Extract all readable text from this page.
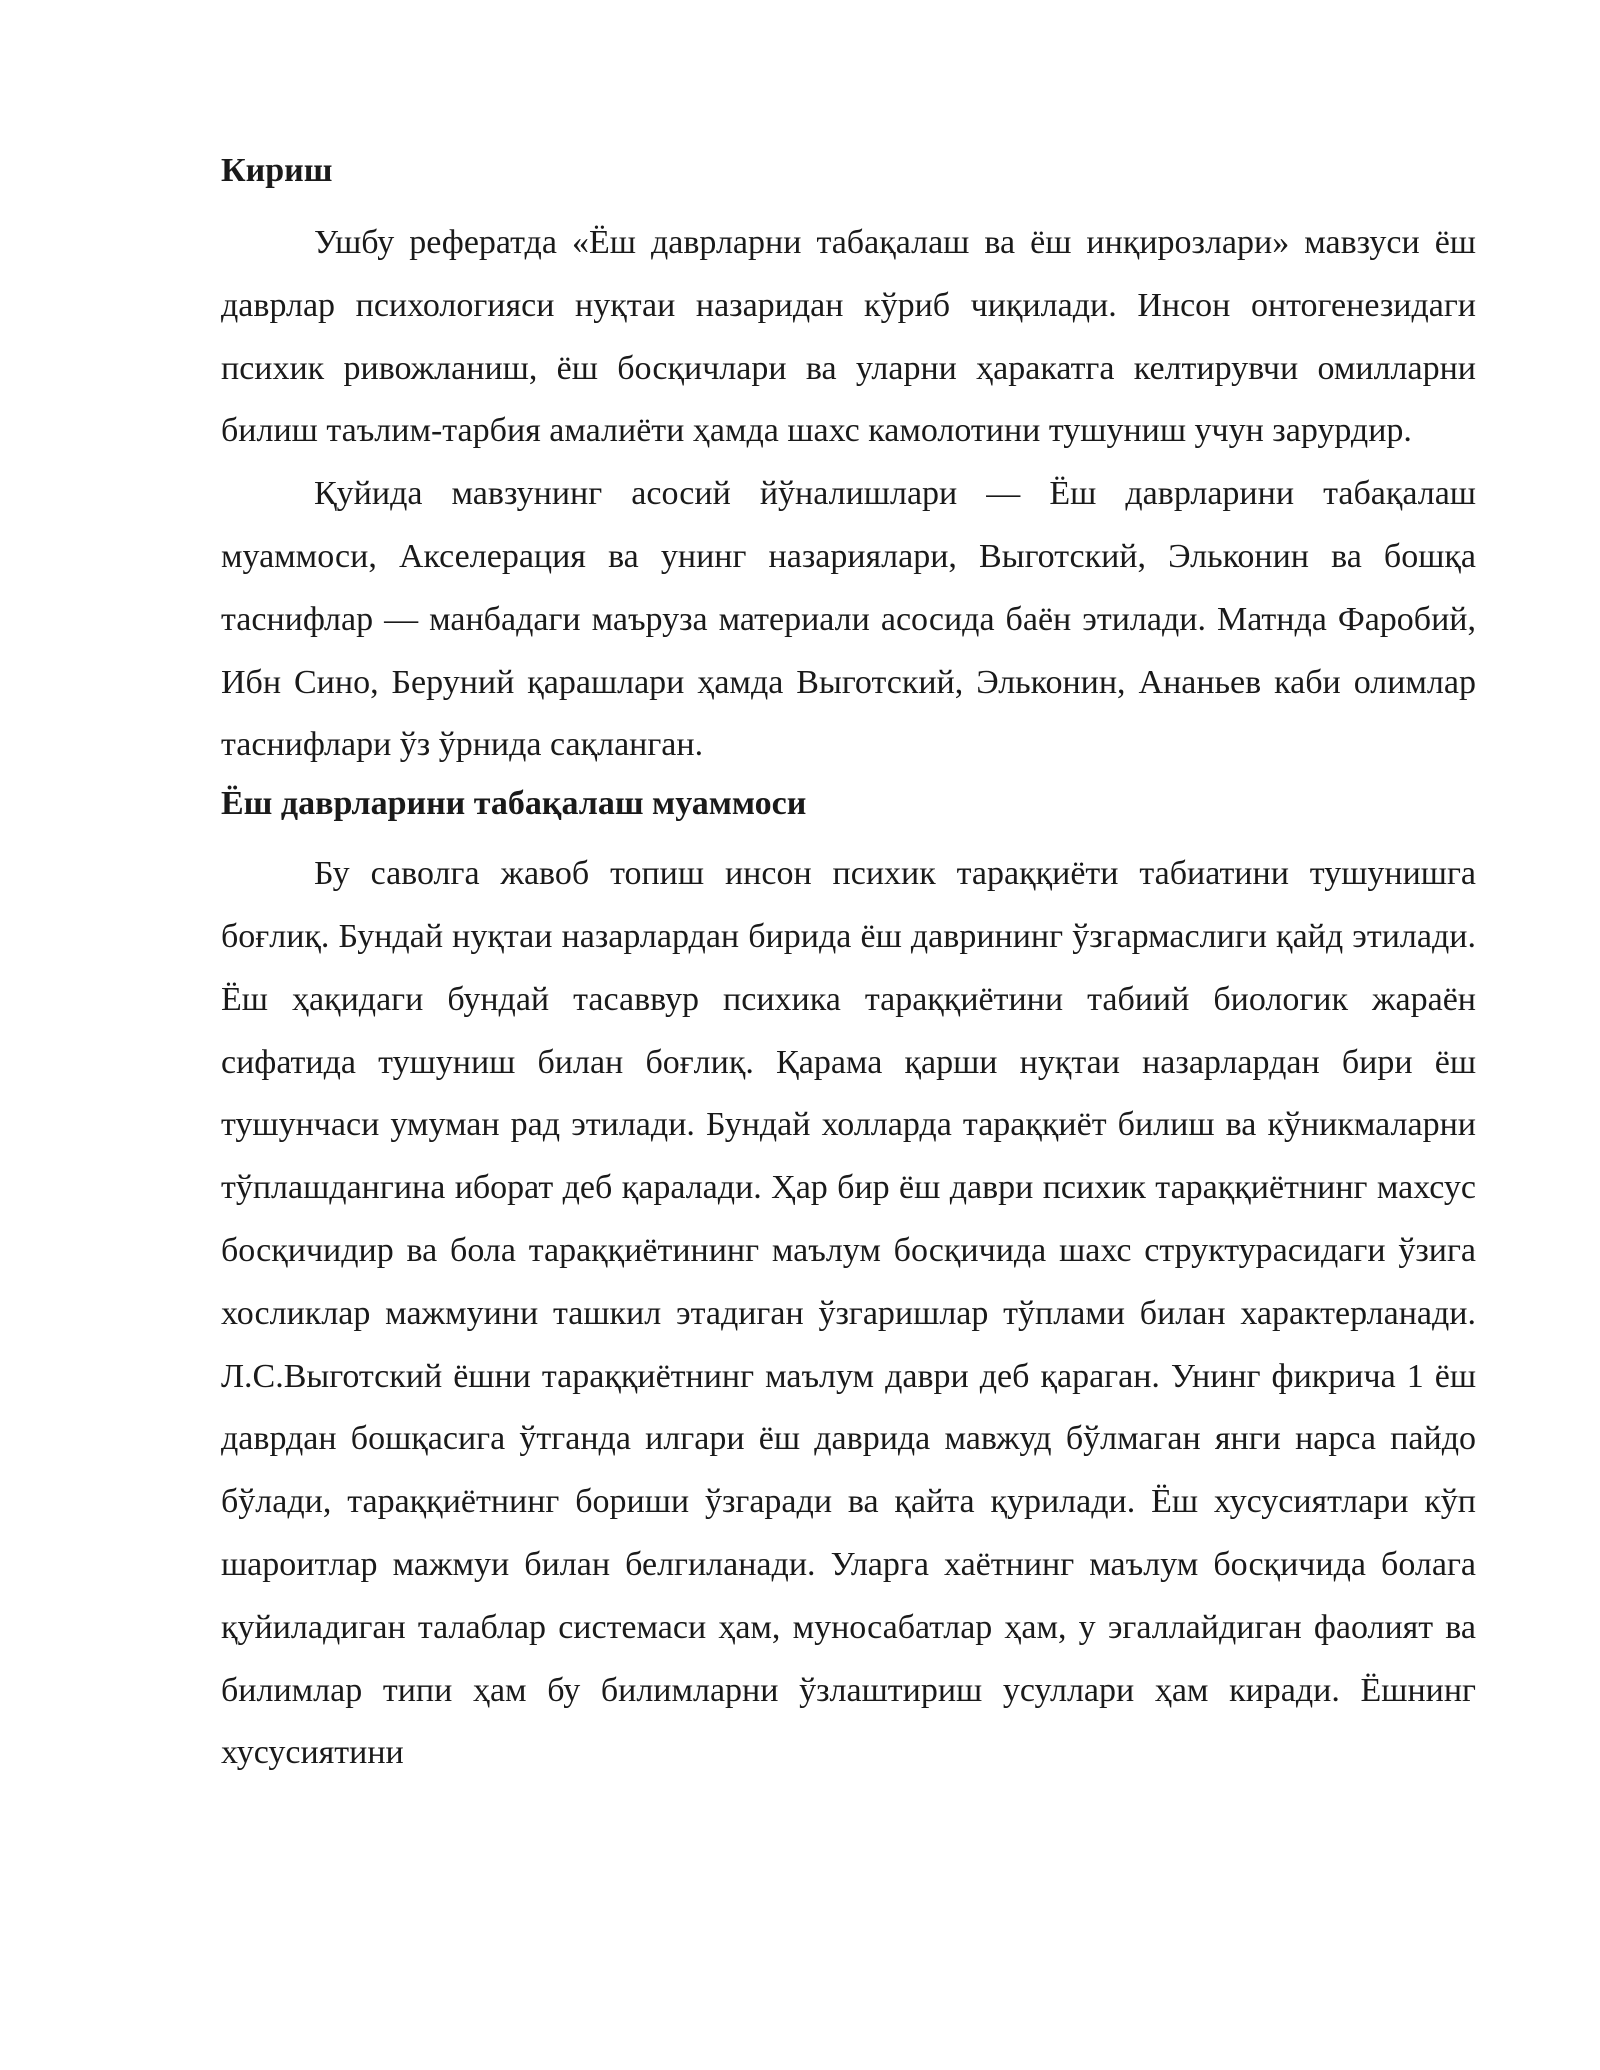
Кириш

Ушбу рефератда «Ёш даврларни табақалаш ва ёш инқирозлари» мавзуси ёш даврлар психологияси нуқтаи назаридан кўриб чиқилади. Инсон онтогенезидаги психик ривожланиш, ёш босқичлари ва уларни ҳаракатга келтирувчи омилларни билиш таълим-тарбия амалиёти ҳамда шахс камолотини тушуниш учун зарурдир.

Қуйида мавзунинг асосий йўналишлари — Ёш даврларини табақалаш муаммоси, Акселерация ва унинг назариялари, Выготский, Эльконин ва бошқа таснифлар — манбадаги маъруза материали асосида баён этилади. Матнда Фаробий, Ибн Сино, Беруний қарашлари ҳамда Выготский, Эльконин, Ананьев каби олимлар таснифлари ўз ўрнида сақланган.

Ёш даврларини табақалаш муаммоси

Бу саволга жавоб топиш инсон психик тараққиёти табиатини тушунишга боғлиқ. Бундай нуқтаи назарлардан бирида ёш даврининг ўзгармаслиги қайд этилади. Ёш ҳақидаги бундай тасаввур психика тараққиётини табиий биологик жараён сифатида тушуниш билан боғлиқ. Қарама қарши нуқтаи назарлардан бири ёш тушунчаси умуман рад этилади. Бундай холларда тараққиёт билиш ва кўникмаларни тўплашдангина иборат деб қаралади. Ҳар бир ёш даври психик тараққиётнинг махсус босқичидир ва бола тараққиётининг маълум босқичида шахс структурасидаги ўзига хосликлар мажмуини ташкил этадиган ўзгаришлар тўплами билан характерланади. Л.С.Выготский ёшни тараққиётнинг маълум даври деб қараган. Унинг фикрича 1 ёш даврдан бошқасига ўтганда илгари ёш даврида мавжуд бўлмаган янги нарса пайдо бўлади, тараққиётнинг бориши ўзгаради ва қайта қурилади. Ёш хусусиятлари кўп шароитлар мажмуи билан белгиланади. Уларга хаётнинг маълум босқичида болага қуйиладиган талаблар системаси ҳам, муносабатлар ҳам, у эгаллайдиган фаолият ва билимлар типи ҳам бу билимларни ўзлаштириш усуллари ҳам киради. Ёшнинг хусусиятини
